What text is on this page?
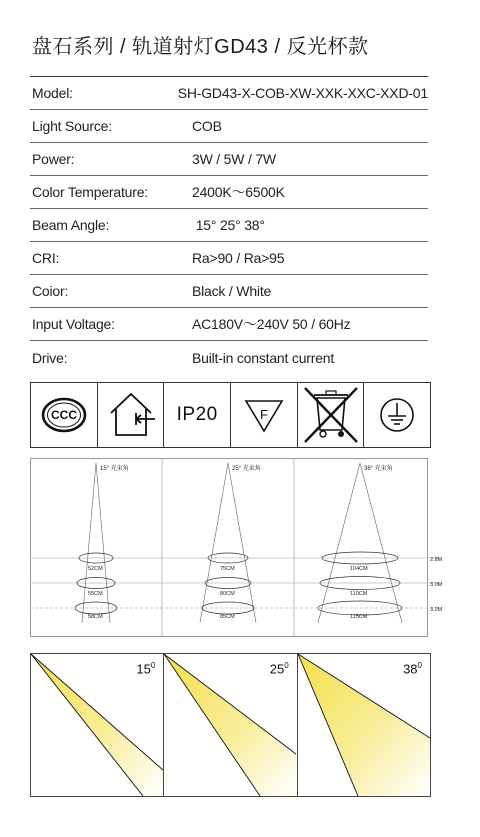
盘石系列 / 轨道射灯GD43 / 反光杯款
Model:	SH-GD43-X-COB-XW-XXK-XXC-XXD-01
Light Source:	COB
Power:	3W / 5W / 7W
Color Temperature:	2400K～6500K
Beam Angle:	15° 25° 38°
CRI:	Ra>90 / Ra>95
Coior:	Black / White
Input Voltage:	AC180V～240V 50 / 60Hz
Drive:	Built-in constant current
CCC	IP20	F
15° 光束角	25° 光束角	38° 光束角
52CM
55CM
58CM
75CM
80CM
85CM
104CM
110CM
115CM
2.8M
3.0M
3.2M
$15^0$	$25^0$	$38^0$
